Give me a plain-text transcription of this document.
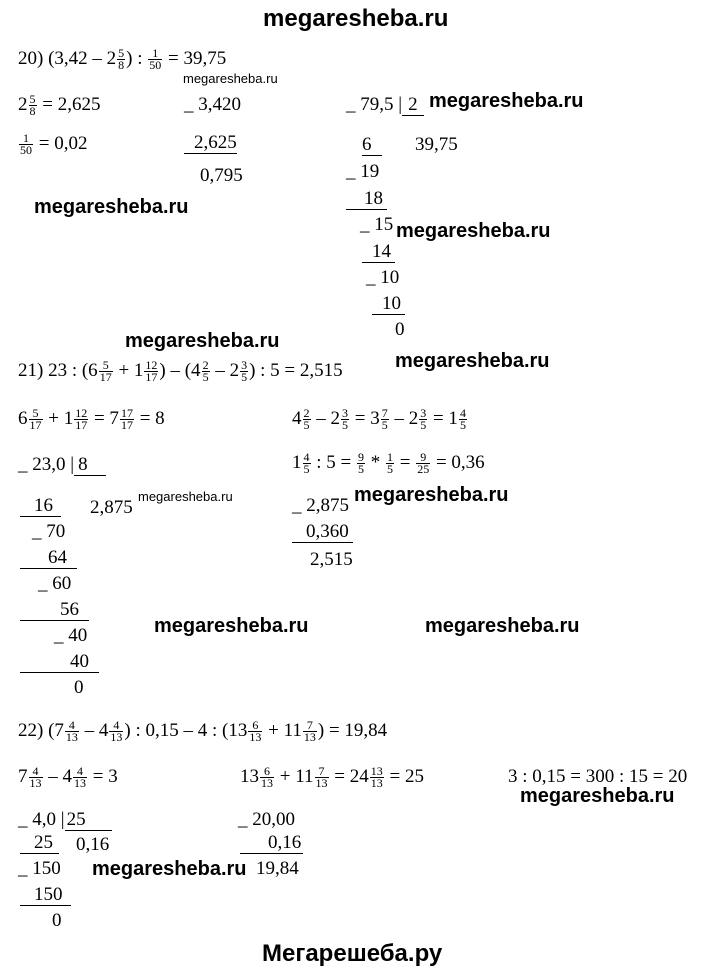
megaresheba.ru
20) ($3,42 - 2 \frac{5}{8}$ ) : $\frac{1}{50} = 39,75$
megaresheba.ru
$2 \frac{5}{8} = 2,625$
$\frac{1}{50} = 0,02$
_ 3,420
2,625
0,795
_ 79,5 | 2 megaresheba.ru
39,75
6
_ 19
18
_ 15 megaresheba.ru
14
_ 10
10
0
megaresheba.ru
megaresheba.ru
21) 23 : ($6 \frac{5}{17} + 1 \frac{12}{17}$ ) – ($4 \frac{2}{5} - 2 \frac{3}{5}$ ) : 5 = 2,515	megaresheba.ru
$6 \frac{5}{17} + 1 \frac{12}{17} = 7 \frac{17}{17} = 8$	$4 \frac{2}{5} - 2 \frac{3}{5} = 3 \frac{7}{5} - 2 \frac{3}{5} = 1 \frac{4}{5}$
$1 \frac{4}{5}$ : $5 = \frac{9}{5} * \frac{1}{5} = \frac{9}{25} = 0,36$
_ 23,0 | 8
2,875
megaresheba.ru
16
_ 70
64
_ 60
56
_ 40
40
0
_ 2,875 megaresheba.ru
0,360
2,515
megaresheba.ru	megaresheba.ru
22) ($7 \frac{4}{13} - 4 \frac{4}{13}$ ) : 0,15 – 4 : ($13 \frac{6}{13} + 11 \frac{7}{13}$ ) = 19,84
$7 \frac{4}{13} - 4 \frac{4}{13} = 3$	$13 \frac{6}{13} + 11 \frac{7}{13} = 24 \frac{13}{13} = 25$	3 : 0,15 = 300 : 15 = 20
megaresheba.ru
_ 4,0 | 25
0,16
25
_ 150
150
0
megaresheba.ru
_ 20,00
0,16
19,84
Мегарешеба.ру
